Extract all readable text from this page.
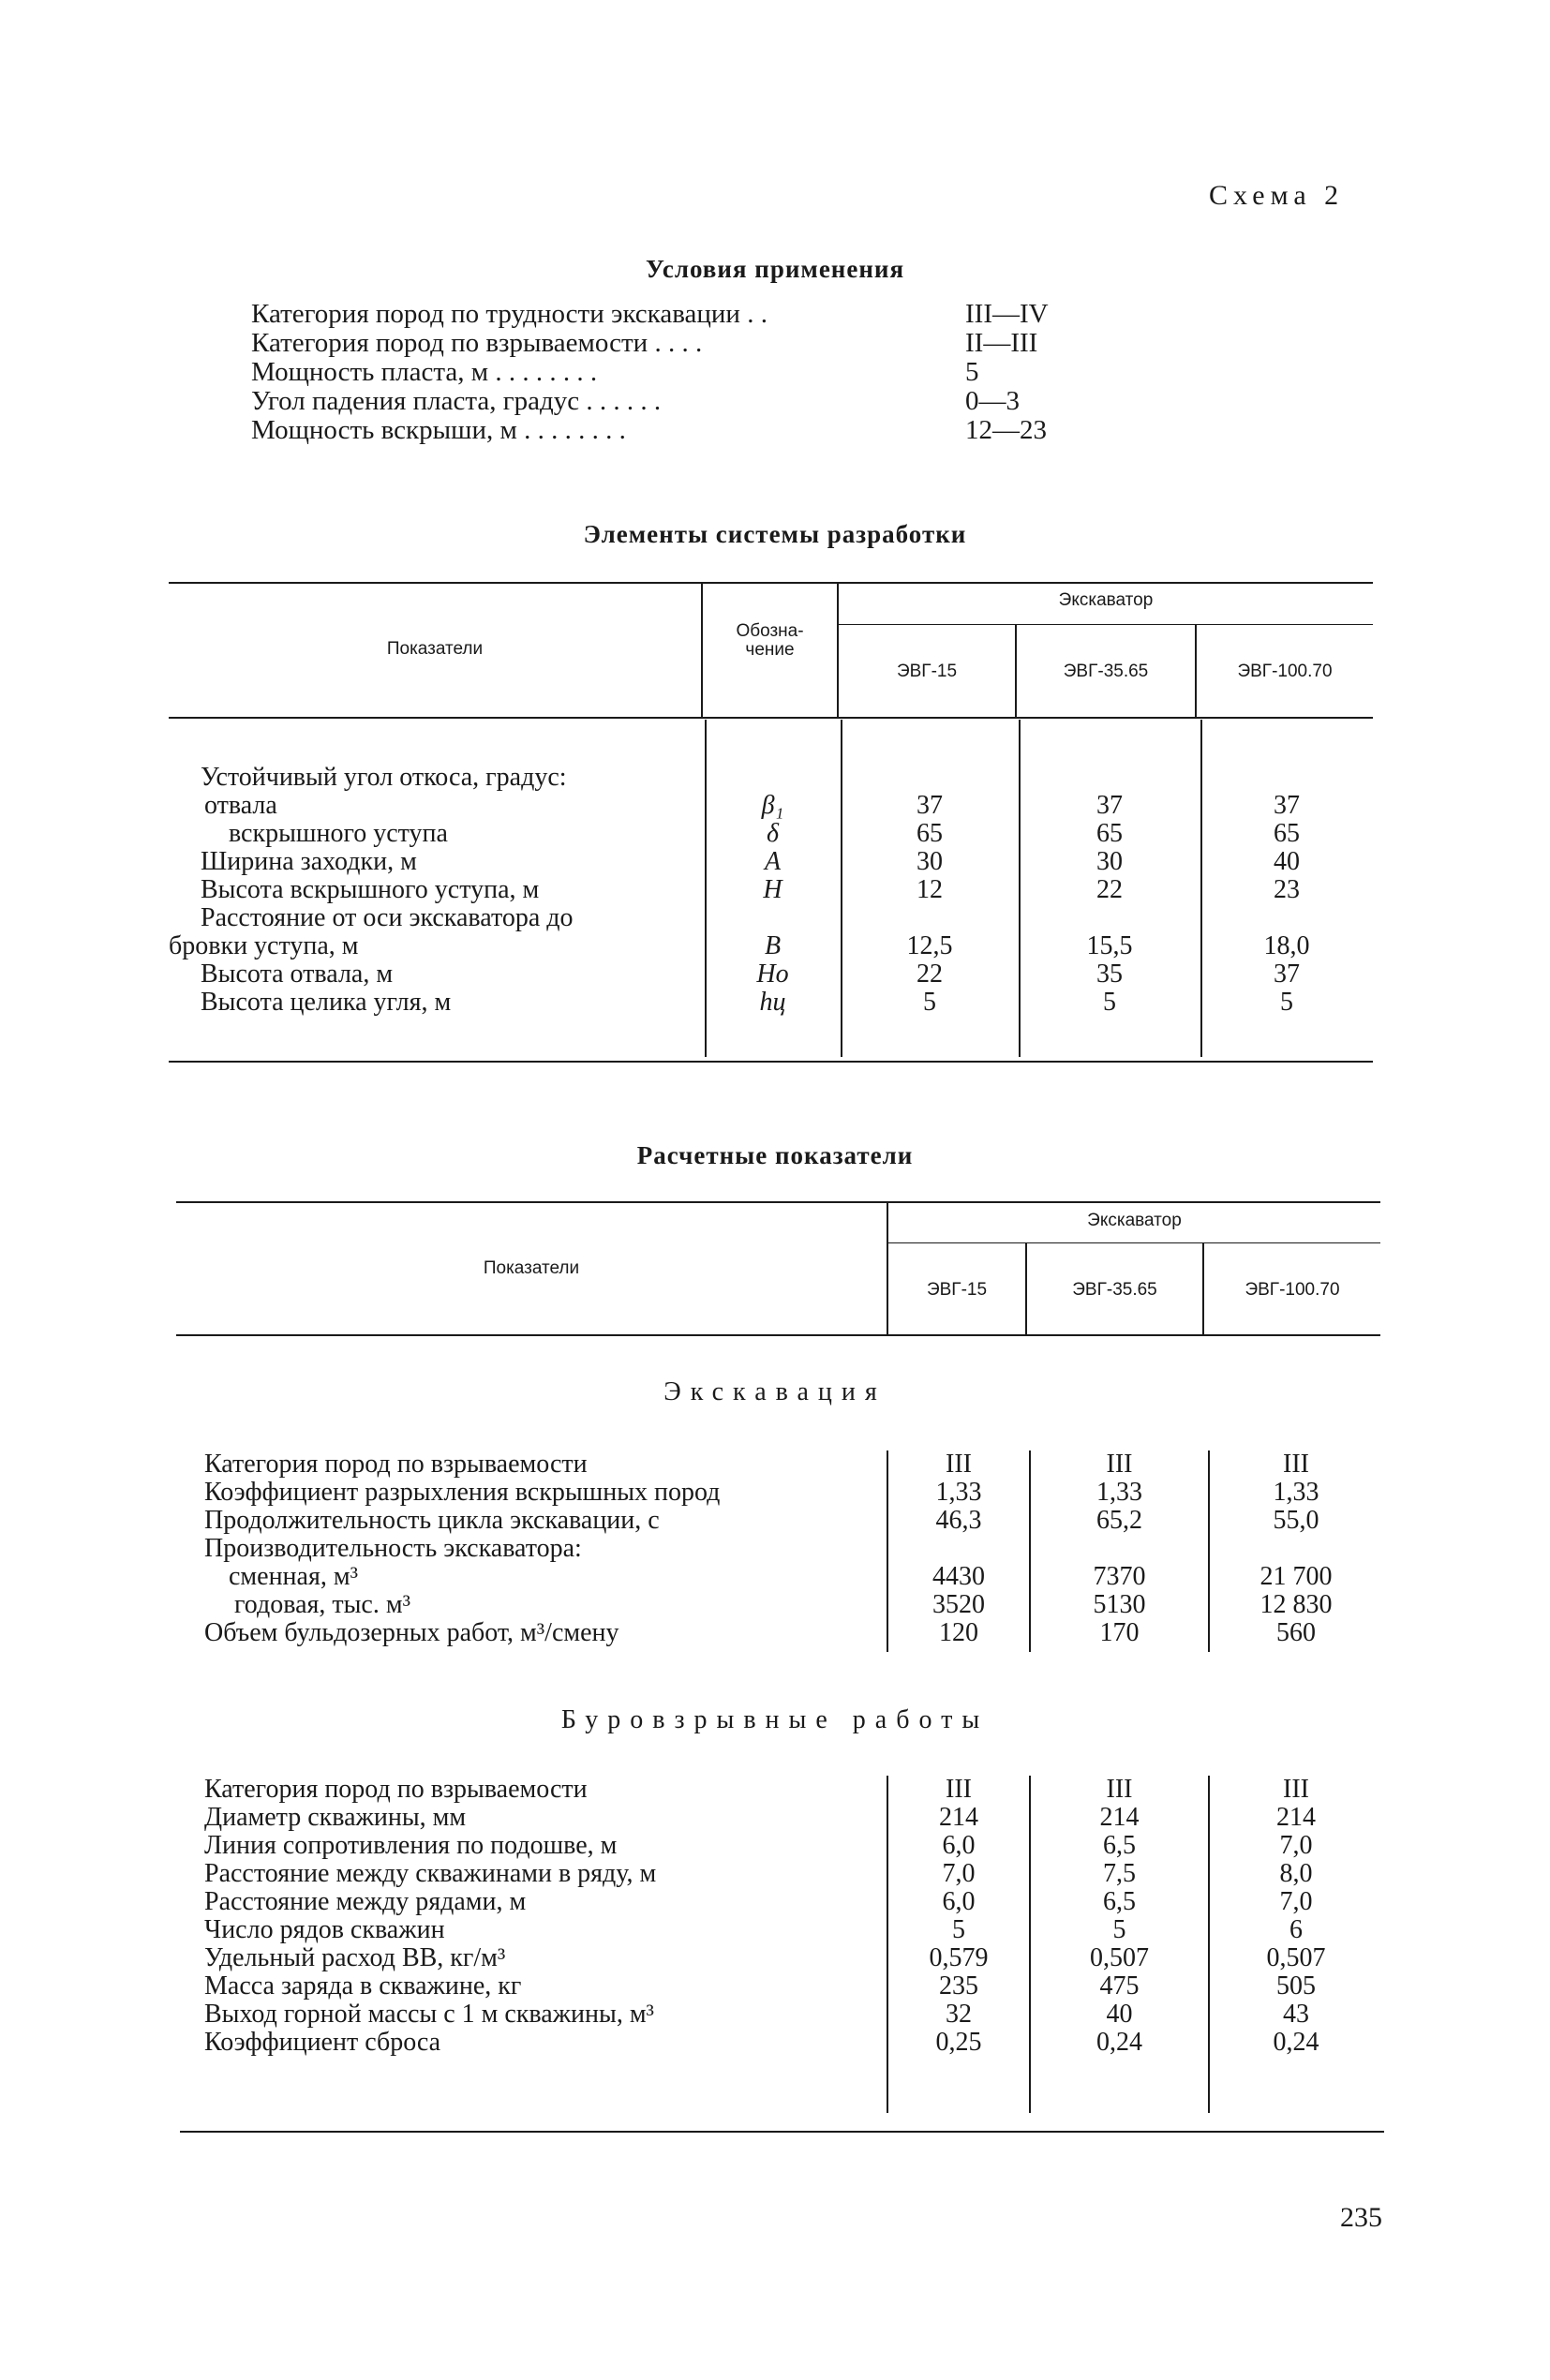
Схема 2
Условия применения
Категория пород по трудности экскавации . .	III—IV
Категория пород по взрываемости . . . .	II—III
Мощность пласта, м . . . . . . . .	5
Угол падения пласта, градус . . . . . .	0—3
Мощность вскрыши, м . . . . . . . .	12—23
Элементы системы разработки
Показатели
Обозна-
чение
Экскаватор
ЭВГ-15	ЭВГ-35.65	ЭВГ-100.70
Устойчивый угол откоса, градус:
отвала	β₁	37	37	37
вскрышного уступа	δ	65	65	65
Ширина заходки, м	A	30	30	40
Высота вскрышного уступа, м	H	12	22	23
Расстояние от оси экскаватора до
бровки уступа, м	B	12,5	15,5	18,0
Высота отвала, м	Hо	22	35	37
Высота целика угля, м	hц	5	5	5
Расчетные показатели
Показатели
Экскаватор
ЭВГ-15	ЭВГ-35.65	ЭВГ-100.70
Экскавация
Категория пород по взрываемости	III	III	III
Коэффициент разрыхления вскрышных пород	1,33	1,33	1,33
Продолжительность цикла экскавации, с	46,3	65,2	55,0
Производительность экскаватора:
сменная, м³	4430	7370	21 700
годовая, тыс. м³	3520	5130	12 830
Объем бульдозерных работ, м³/смену	120	170	560
Буровзрывные работы
Категория пород по взрываемости	III	III	III
Диаметр скважины, мм	214	214	214
Линия сопротивления по подошве, м	6,0	6,5	7,0
Расстояние между скважинами в ряду, м	7,0	7,5	8,0
Расстояние между рядами, м	6,0	6,5	7,0
Число рядов скважин	5	5	6
Удельный расход ВВ, кг/м³	0,579	0,507	0,507
Масса заряда в скважине, кг	235	475	505
Выход горной массы с 1 м скважины, м³	32	40	43
Коэффициент сброса	0,25	0,24	0,24
235
